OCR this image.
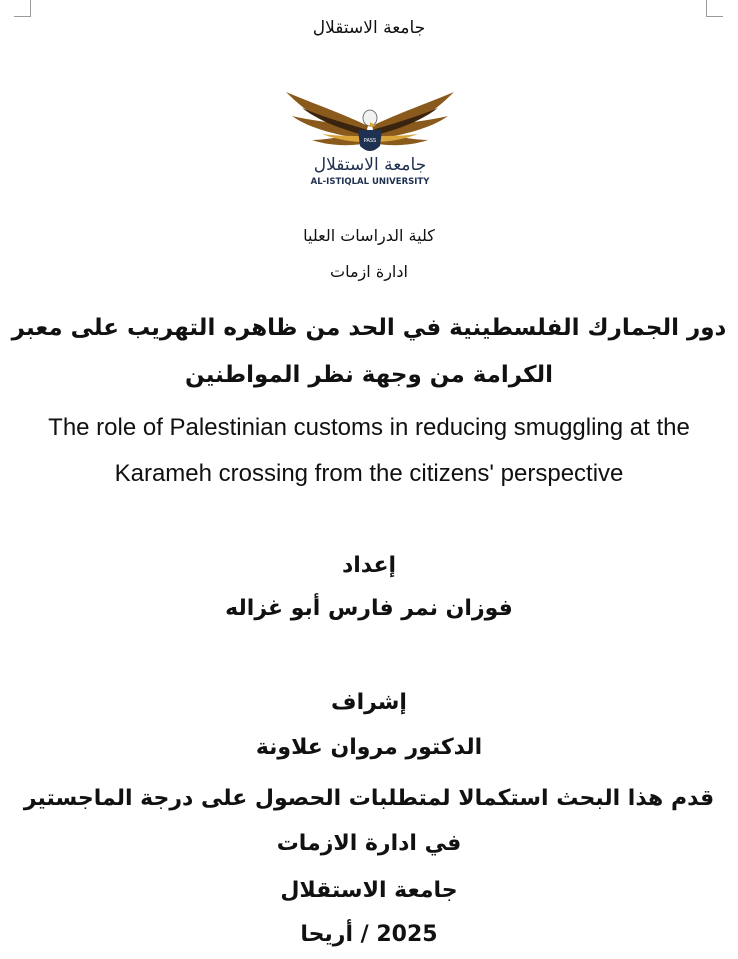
جامعة الاستقلال
PASS
جامعة الاستقلال
AL-ISTIQLAL UNIVERSITY
كلية الدراسات العليا
ادارة ازمات
دور الجمارك الفلسطينية في الحد من ظاهره التهريب على معبر
الكرامة من وجهة نظر المواطنين
The role of Palestinian customs in reducing smuggling at the
Karameh crossing from the citizens' perspective
إعداد
فوزان نمر فارس أبو غزاله
إشراف
الدكتور مروان علاونة
قدم هذا البحث استكمالا لمتطلبات الحصول على درجة الماجستير
في ادارة الازمات
جامعة الاستقلال
2025 / أريحا
